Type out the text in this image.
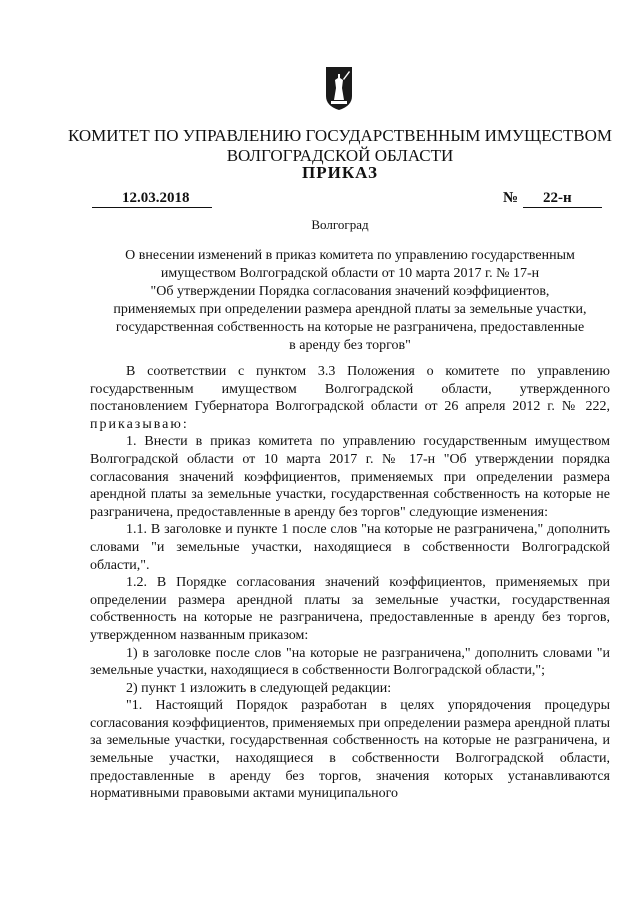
КОМИТЕТ ПО УПРАВЛЕНИЮ ГОСУДАРСТВЕННЫМ ИМУЩЕСТВОМ
ВОЛГОГРАДСКОЙ ОБЛАСТИ
ПРИКАЗ
12.03.2018	№	22-н
Волгоград
О внесении изменений в приказ комитета по управлению государственным
имуществом Волгоградской области от 10 марта 2017 г. № 17-н
"Об утверждении Порядка согласования значений коэффициентов,
применяемых при определении размера арендной платы за земельные участки,
государственная собственность на которые не разграничена, предоставленные
в аренду без торгов"

В соответствии с пунктом 3.3 Положения о комитете по управлению государственным имуществом Волгоградской области, утвержденного постановлением Губернатора Волгоградской области от 26 апреля 2012 г. № 222, приказываю:

1. Внести в приказ комитета по управлению государственным имуществом Волгоградской области от 10 марта 2017 г. № 17-н "Об утверждении порядка согласования значений коэффициентов, применяемых при определении размера арендной платы за земельные участки, государственная собственность на которые не разграничена, предоставленные в аренду без торгов" следующие изменения:

1.1. В заголовке и пункте 1 после слов "на которые не разграничена," дополнить словами "и земельные участки, находящиеся в собственности Волгоградской области,".

1.2. В Порядке согласования значений коэффициентов, применяемых при определении размера арендной платы за земельные участки, государственная собственность на которые не разграничена, предоставленные в аренду без торгов, утвержденном названным приказом:

1) в заголовке после слов "на которые не разграничена," дополнить словами "и земельные участки, находящиеся в собственности Волгоградской области,";

2) пункт 1 изложить в следующей редакции:

"1. Настоящий Порядок разработан в целях упорядочения процедуры согласования коэффициентов, применяемых при определении размера арендной платы за земельные участки, государственная собственность на которые не разграничена, и земельные участки, находящиеся в собственности Волгоградской области, предоставленные в аренду без торгов, значения которых устанавливаются нормативными правовыми актами муниципального
